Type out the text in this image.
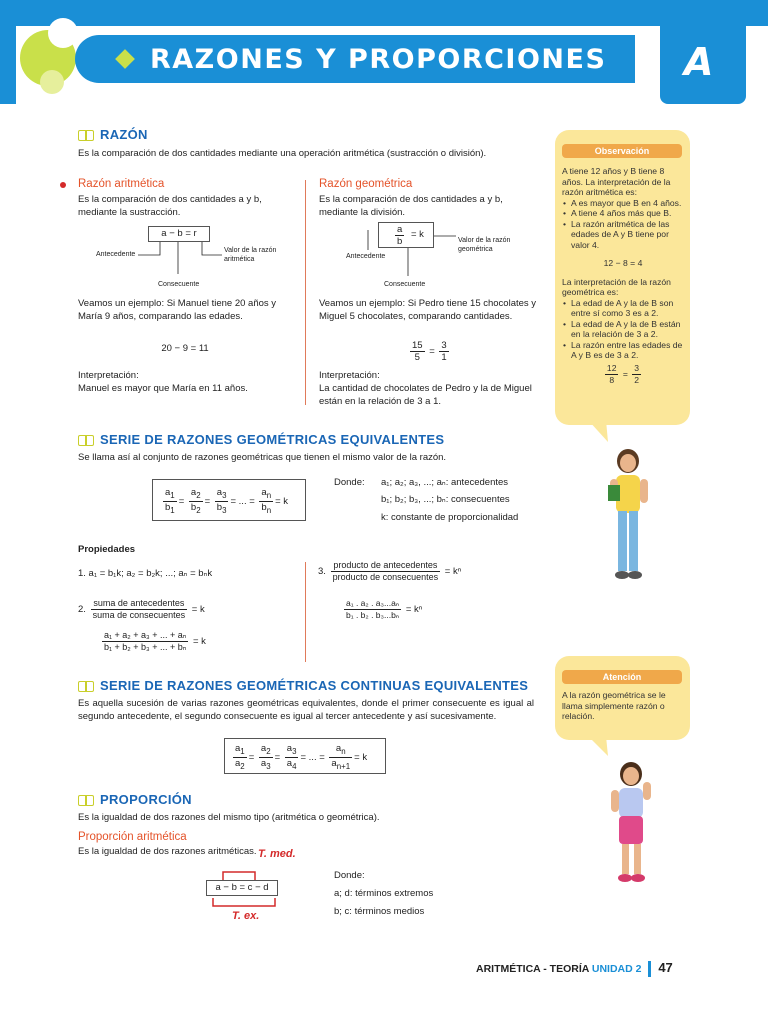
RAZONES Y PROPORCIONES A
RAZÓN
Es la comparación de dos cantidades mediante una operación aritmética (sustracción o división).
Razón aritmética
Es la comparación de dos cantidades a y b, mediante la sustracción.
a − b = r
Antecedente
Consecuente
Valor de la razón aritmética
Veamos un ejemplo: Si Manuel tiene 20 años y María 9 años, comparando las edades.
20 − 9 = 11
Interpretación:
Manuel es mayor que María en 11 años.
Razón geométrica
Es la comparación de dos cantidades a y b, mediante la división.
$\frac{a}{b} = k$
Antecedente
Consecuente
Valor de la razón geométrica
Veamos un ejemplo: Si Pedro tiene 15 chocolates y Miguel 5 chocolates, comparando cantidades.
$\frac{15}{5} = \frac{3}{1}$
Interpretación:
La cantidad de chocolates de Pedro y la de Miguel están en la relación de 3 a 1.
Observación
A tiene 12 años y B tiene 8 años. La interpretación de la razón aritmética es:
• A es mayor que B en 4 años.
• A tiene 4 años más que B.
• La razón aritmética de las edades de A y B tiene por valor 4.
12 − 8 = 4
La interpretación de la razón geométrica es:
• La edad de A y la de B son entre sí como 3 es a 2.
• La edad de A y la de B están en la relación de 3 a 2.
• La razón entre las edades de A y B es de 3 a 2.
$\frac{12}{8} = \frac{3}{2}$
SERIE DE RAZONES GEOMÉTRICAS EQUIVALENTES
Se llama así al conjunto de razones geométricas que tienen el mismo valor de la razón.
$\frac{a_1}{b_1} = \frac{a_2}{b_2} = \frac{a_3}{b_3}$ = ... = $\frac{a_n}{b_n} = k$
Donde: a₁; a₂; a₃, ...; aₙ: antecedentes
b₁; b₂; b₃, ...; bₙ: consecuentes
k: constante de proporcionalidad
Propiedades
1. a₁ = b₁k; a₂ = b₂k; ...; aₙ = bₙk
2. $\frac{\text{suma de antecedentes}}{\text{suma de consecuentes}} = k$
$\frac{\text{a₁ + a₂ + a₃ + ... + aₙ}}{\text{b₁ + b₂ + b₃ + ... + bₙ}} = k$
3. $\frac{\text{producto de antecedentes}}{\text{producto de consecuentes}} = k^n$
$\frac{\text{a₁ . a₂ . a₃...aₙ}}{\text{b₁ . b₂ . b₃...bₙ}} = k^n$
Atención
A la razón geométrica se le llama simplemente razón o relación.
SERIE DE RAZONES GEOMÉTRICAS CONTINUAS EQUIVALENTES
Es aquella sucesión de varias razones geométricas equivalentes, donde el primer consecuente es igual al segundo antecedente, el segundo consecuente es igual al tercer antecedente y así sucesivamente.
$\frac{a_1}{a_2} = \frac{a_2}{a_3} = \frac{a_3}{a_4}$ = ... = $\frac{a_n}{a_{n+1}} = k$
PROPORCIÓN
Es la igualdad de dos razones del mismo tipo (aritmética o geométrica).
Proporción aritmética
Es la igualdad de dos razones aritméticas.
a − b = c − d
T. med.
T. ex.
Donde:
a; d: términos extremos
b; c: términos medios
ARITMÉTICA - TEORÍA UNIDAD 2 47
